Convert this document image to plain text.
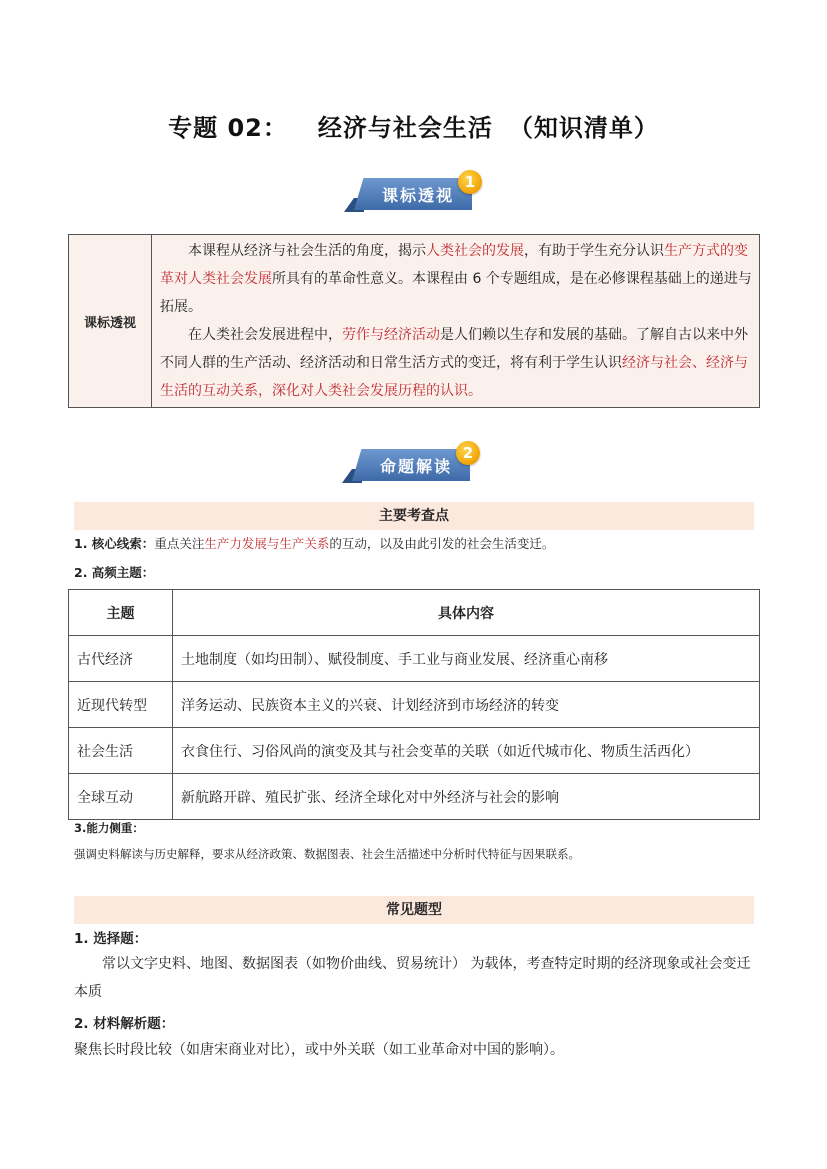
专题 02： 经济与社会生活 （知识清单）
课标透视
1
课标透视	
本课程从经济与社会生活的角度，揭示人类社会的发展，有助于学生充分认识生产方式的变革对人类社会发展所具有的革命性意义。本课程由 6 个专题组成，是在必修课程基础上的递进与拓展。
在人类社会发展进程中，劳作与经济活动是人们赖以生存和发展的基础。了解自古以来中外不同人群的生产活动、经济活动和日常生活方式的变迁，将有利于学生认识经济与社会、经济与生活的互动关系，深化对人类社会发展历程的认识。
命题解读
2
主要考查点
1. 核心线索：重点关注生产力发展与生产关系的互动，以及由此引发的社会生活变迁。
2. 高频主题：
主题	具体内容
古代经济	土地制度（如均田制）、赋役制度、手工业与商业发展、经济重心南移
近现代转型	洋务运动、民族资本主义的兴衰、计划经济到市场经济的转变
社会生活	衣食住行、习俗风尚的演变及其与社会变革的关联（如近代城市化、物质生活西化）
全球互动	新航路开辟、殖民扩张、经济全球化对中外经济与社会的影响
3.能力侧重：
强调史料解读与历史解释，要求从经济政策、数据图表、社会生活描述中分析时代特征与因果联系。
常见题型
1. 选择题：
常以文字史料、地图、数据图表（如物价曲线、贸易统计） 为载体，考查特定时期的经济现象或社会变迁本质
2. 材料解析题：
聚焦长时段比较（如唐宋商业对比），或中外关联（如工业革命对中国的影响）。
